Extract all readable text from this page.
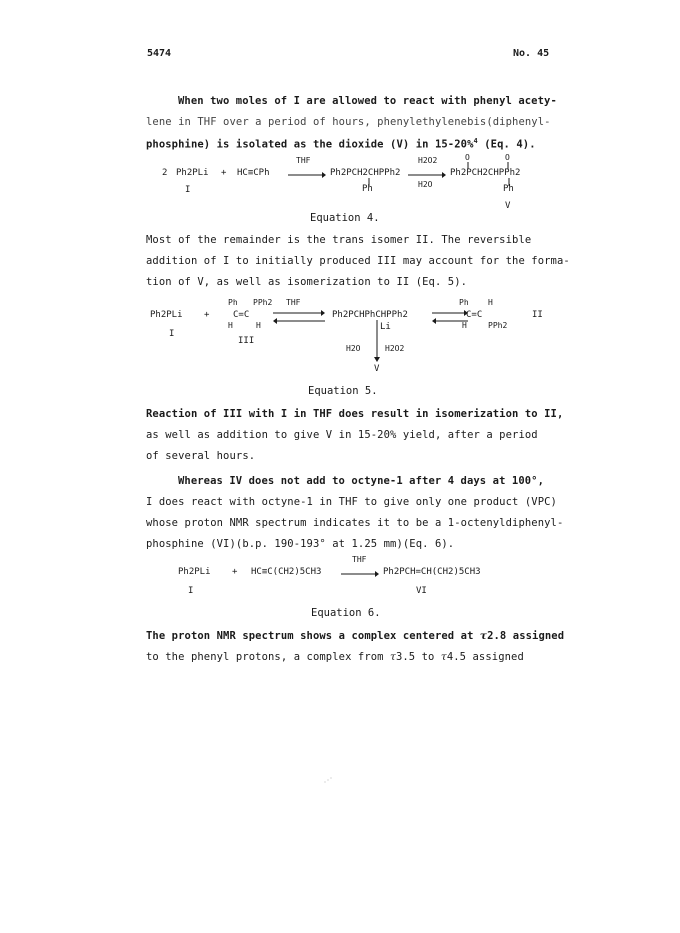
5474	No. 45
When two moles of I are allowed to react with phenyl acety-
lene in THF over a period of hours, phenylethylenebis(diphenyl-
phosphine) is isolated as the dioxide (V) in 15-20%$^4$ (Eq. 4).
2 Ph2PLi
I
+ HC≡CPh
THF
Ph2PCH2CHPPh2
Ph
H2O2
H2O
O	O
Ph2PCH2CHPPh2
Ph
V
Equation 4.
Most of the remainder is the trans isomer II. The reversible
addition of I to initially produced III may account for the forma-
tion of V, as well as isomerization to II (Eq. 5).
Ph2PLi
I
+
Ph PPh2
C=C
H	H
III
THF
Ph2PCHPhCHPPh2
Li
H2O	H2O2
V
Ph H
C=C
H	PPh2
II
Equation 5.
Reaction of III with I in THF does result in isomerization to II,
as well as addition to give V in 15-20% yield, after a period
of several hours.
Whereas IV does not add to octyne-1 after 4 days at 100°,
I does react with octyne-1 in THF to give only one product (VPC)
whose proton NMR spectrum indicates it to be a 1-octenyldiphenyl-
phosphine (VI)(b.p. 190-193° at 1.25 mm)(Eq. 6).
Ph2PLi
I
+ HC≡C(CH2)5CH3
THF
Ph2PCH=CH(CH2)5CH3
VI
Equation 6.
The proton NMR spectrum shows a complex centered at τ2.8 assigned
to the phenyl protons, a complex from τ3.5 to τ4.5 assigned
